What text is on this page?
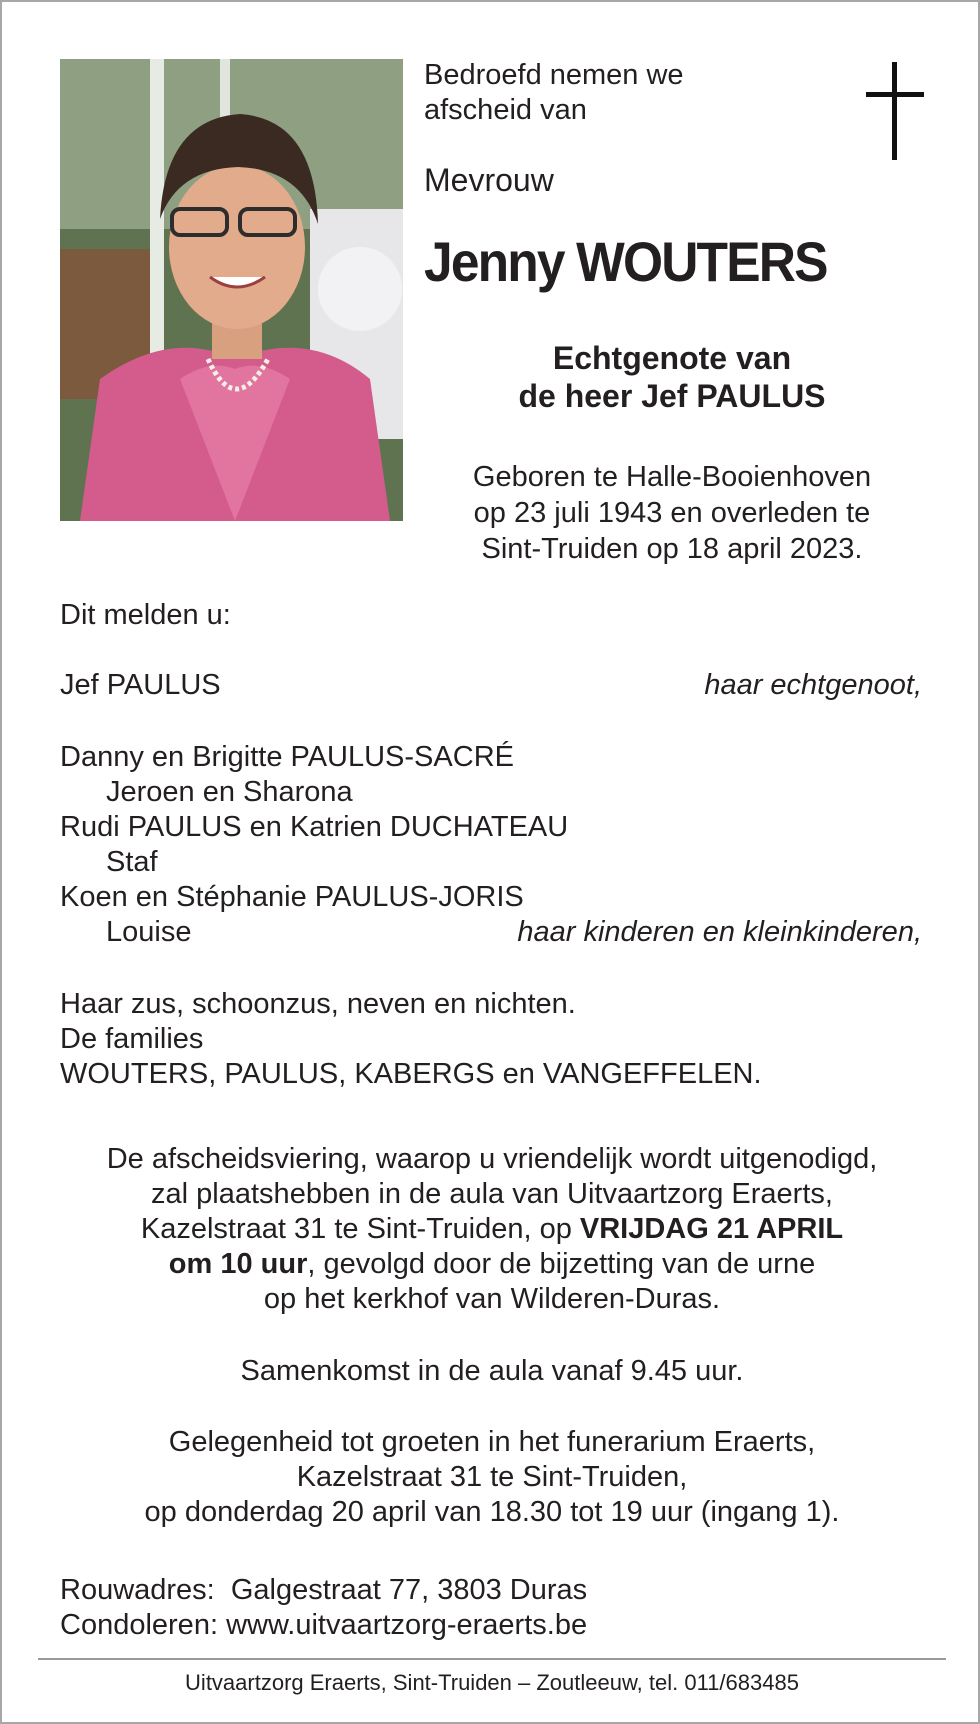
Bedroefd nemen we
afscheid van

Mevrouw

Jenny WOUTERS

Echtgenote van
de heer Jef PAULUS

Geboren te Halle-Booienhoven
op 23 juli 1943 en overleden te
Sint-Truiden op 18 april 2023.

Dit melden u:

Jef PAULUS	haar echtgenoot,
Danny en Brigitte PAULUS-SACRÉ
Jeroen en Sharona
Rudi PAULUS en Katrien DUCHATEAU
Staf
Koen en Stéphanie PAULUS-JORIS
Louise	haar kinderen en kleinkinderen,
Haar zus, schoonzus, neven en nichten.
De families
WOUTERS, PAULUS, KABERGS en VANGEFFELEN.

De afscheidsviering, waarop u vriendelijk wordt uitgenodigd,

zal plaatshebben in de aula van Uitvaartzorg Eraerts,

Kazelstraat 31 te Sint-Truiden, op VRIJDAG 21 APRIL

om 10 uur, gevolgd door de bijzetting van de urne

op het kerkhof van Wilderen-Duras.

Samenkomst in de aula vanaf 9.45 uur.

Gelegenheid tot groeten in het funerarium Eraerts,

Kazelstraat 31 te Sint-Truiden,

op donderdag 20 april van 18.30 tot 19 uur (ingang 1).

Rouwadres: Galgestraat 77, 3803 Duras
Condoleren: www.uitvaartzorg-eraerts.be
Uitvaartzorg Eraerts, Sint-Truiden – Zoutleeuw, tel. 011/683485
